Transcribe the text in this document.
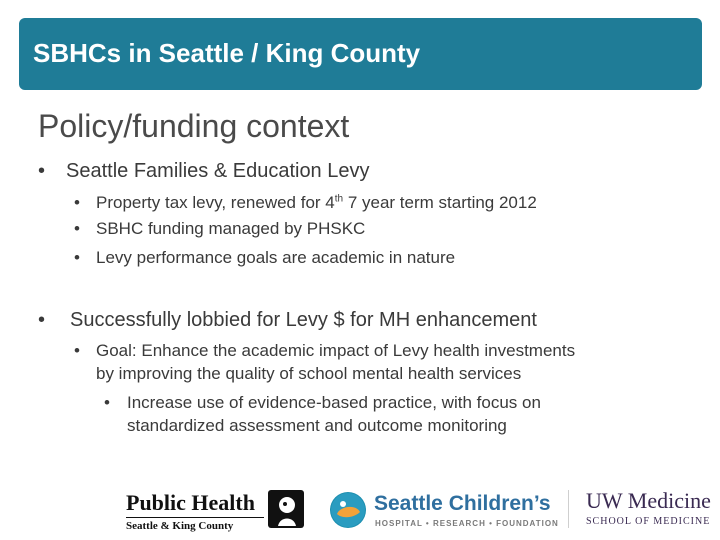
SBHCs in Seattle / King County
Policy/funding context
• Seattle Families & Education Levy
• Property tax levy, renewed for 4th 7 year term starting 2012
• SBHC funding managed by PHSKC
• Levy performance goals are academic in nature
• Successfully lobbied for Levy $ for MH enhancement
• Goal: Enhance the academic impact of Levy health investments
by improving the quality of school mental health services
• Increase use of evidence-based practice, with focus on
standardized assessment and outcome monitoring
Public Health
Seattle & King County
Seattle Children’s
HOSPITAL • RESEARCH • FOUNDATION
UW Medicine
SCHOOL OF MEDICINE
